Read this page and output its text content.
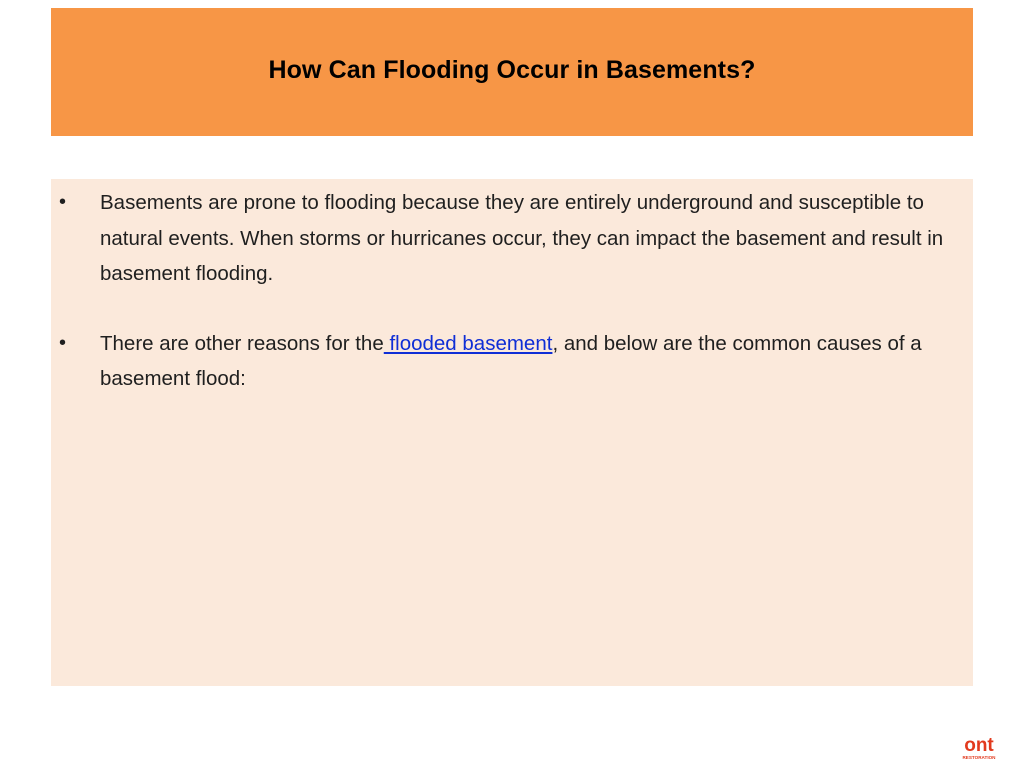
How Can Flooding Occur in Basements?
•	Basements are prone to flooding because they are entirely underground and susceptible to natural events. When storms or hurricanes occur, they can impact the basement and result in basement flooding.
•	There are other reasons for the flooded basement, and below are the common causes of a basement flood:
ont
RESTORATION
